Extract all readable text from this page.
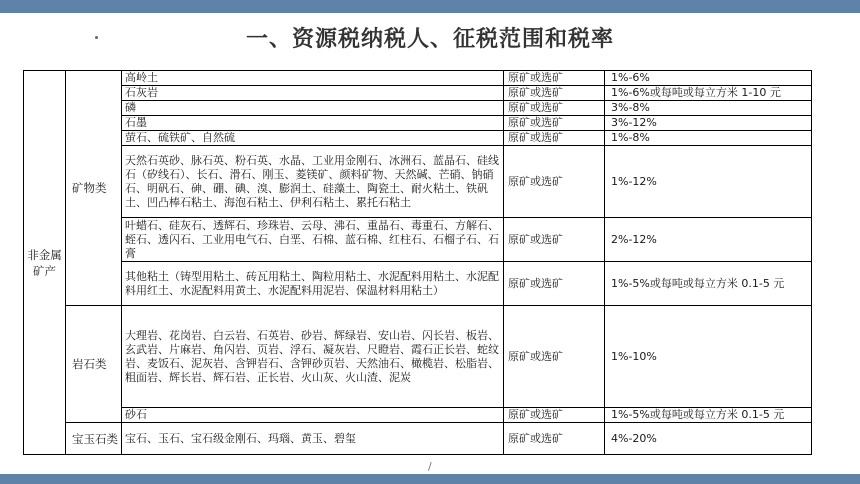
一、资源税纳税人、征税范围和税率
非金属矿产	矿物类	高岭土	原矿或选矿	1%-6%
		石灰岩	原矿或选矿	1%-6%或每吨或每立方米 1-10 元
		磷	原矿或选矿	3%-8%
		石墨	原矿或选矿	3%-12%
		萤石、硫铁矿、自然硫	原矿或选矿	1%-8%
		天然石英砂、脉石英、粉石英、水晶、工业用金刚石、冰洲石、蓝晶石、硅线石（矽线石）、长石、滑石、刚玉、菱镁矿、颜料矿物、天然碱、芒硝、钠硝石、明矾石、砷、硼、碘、溴、膨润土、硅藻土、陶瓷土、耐火粘土、铁矾土、凹凸棒石粘土、海泡石粘土、伊利石粘土、累托石粘土	原矿或选矿	1%-12%
		叶蜡石、硅灰石、透辉石、珍珠岩、云母、沸石、重晶石、毒重石、方解石、蛭石、透闪石、工业用电气石、白垩、石棉、蓝石棉、红柱石、石榴子石、石膏	原矿或选矿	2%-12%
		其他粘土（铸型用粘土、砖瓦用粘土、陶粒用粘土、水泥配料用粘土、水泥配料用红土、水泥配料用黄土、水泥配料用泥岩、保温材料用粘土）	原矿或选矿	1%-5%或每吨或每立方米 0.1-5 元
	岩石类	大理岩、花岗岩、白云岩、石英岩、砂岩、辉绿岩、安山岩、闪长岩、板岩、玄武岩、片麻岩、角闪岩、页岩、浮石、凝灰岩、尺瞪岩、霞石正长岩、蛇纹岩、麦饭石、泥灰岩、含钾岩石、含钾砂页岩、天然油石、橄榄岩、松脂岩、粗面岩、辉长岩、辉石岩、正长岩、火山灰、火山渣、泥炭	原矿或选矿	1%-10%
		砂石	原矿或选矿	1%-5%或每吨或每立方米 0.1-5 元
	宝玉石类	宝石、玉石、宝石级金刚石、玛瑙、黄玉、碧玺	原矿或选矿	4%-20%
/
